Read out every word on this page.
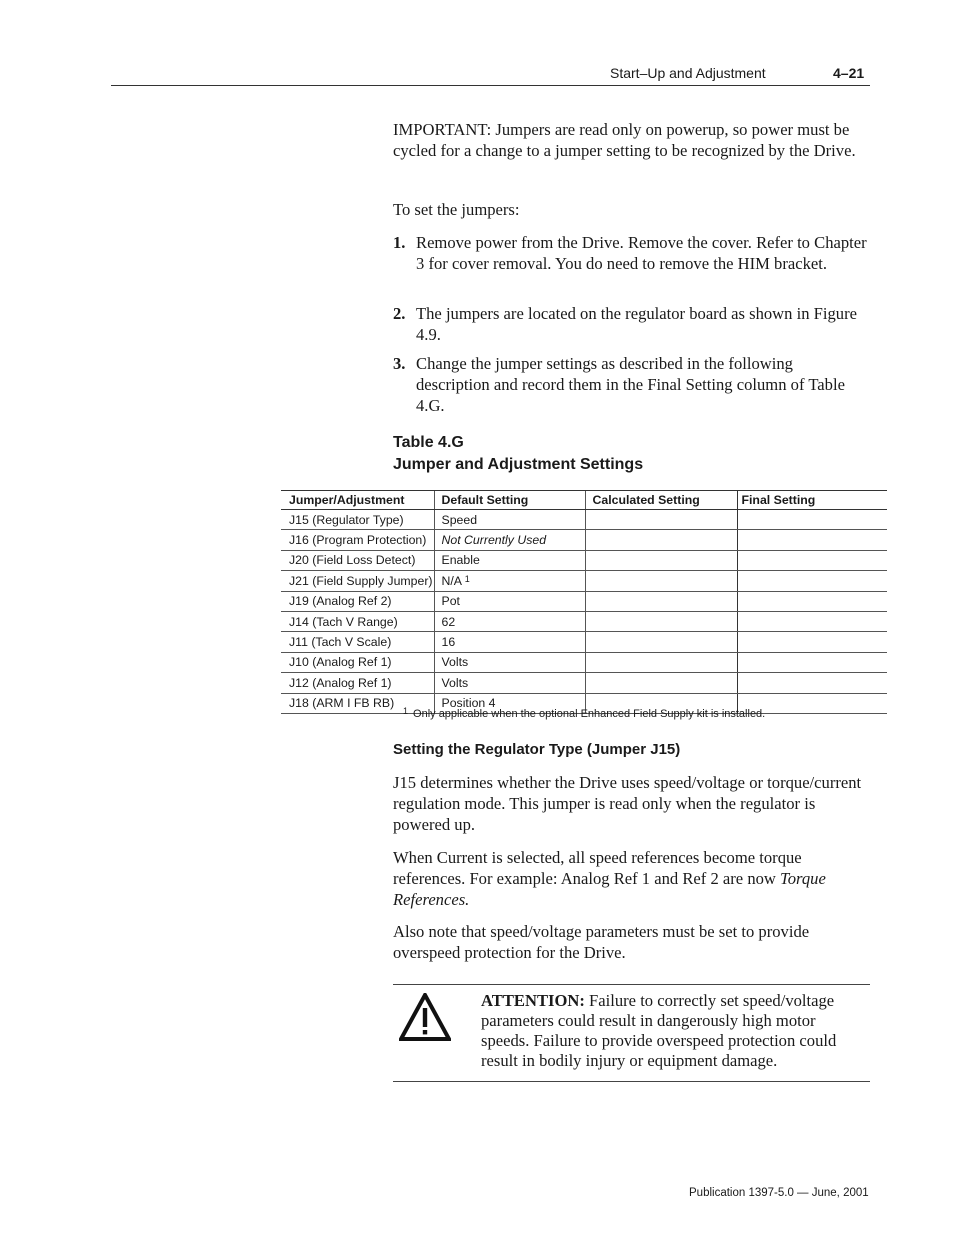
Start–Up and Adjustment	4–21

IMPORTANT: Jumpers are read only on powerup, so power must be cycled for a change to a jumper setting to be recognized by the Drive.

To set the jumpers:

1. Remove power from the Drive. Remove the cover. Refer to Chapter 3 for cover removal. You do need to remove the HIM bracket.
2. The jumpers are located on the regulator board as shown in Figure 4.9.
3. Change the jumper settings as described in the following description and record them in the Final Setting column of Table 4.G.
Table 4.G
Jumper and Adjustment Settings
Jumper/Adjustment	Default Setting	Calculated Setting	Final Setting
J15 (Regulator Type)	Speed		
J16 (Program Protection)	Not Currently Used		
J20 (Field Loss Detect)	Enable		
J21 (Field Supply Jumper)	N/A $^1$		
J19 (Analog Ref 2)	Pot		
J14 (Tach V Range)	62		
J11 (Tach V Scale)	16		
J10 (Analog Ref 1)	Volts		
J12 (Analog Ref 1)	Volts		
J18 (ARM I FB RB)	Position 4		
$^1$ Only applicable when the optional Enhanced Field Supply kit is installed.
Setting the Regulator Type (Jumper J15)

J15 determines whether the Drive uses speed/voltage or torque/current regulation mode. This jumper is read only when the regulator is powered up.

When Current is selected, all speed references become torque references. For example: Analog Ref 1 and Ref 2 are now Torque References.

Also note that speed/voltage parameters must be set to provide overspeed protection for the Drive.

ATTENTION: Failure to correctly set speed/voltage parameters could result in dangerously high motor speeds. Failure to provide overspeed protection could result in bodily injury or equipment damage.
Publication 1397-5.0 — June, 2001
